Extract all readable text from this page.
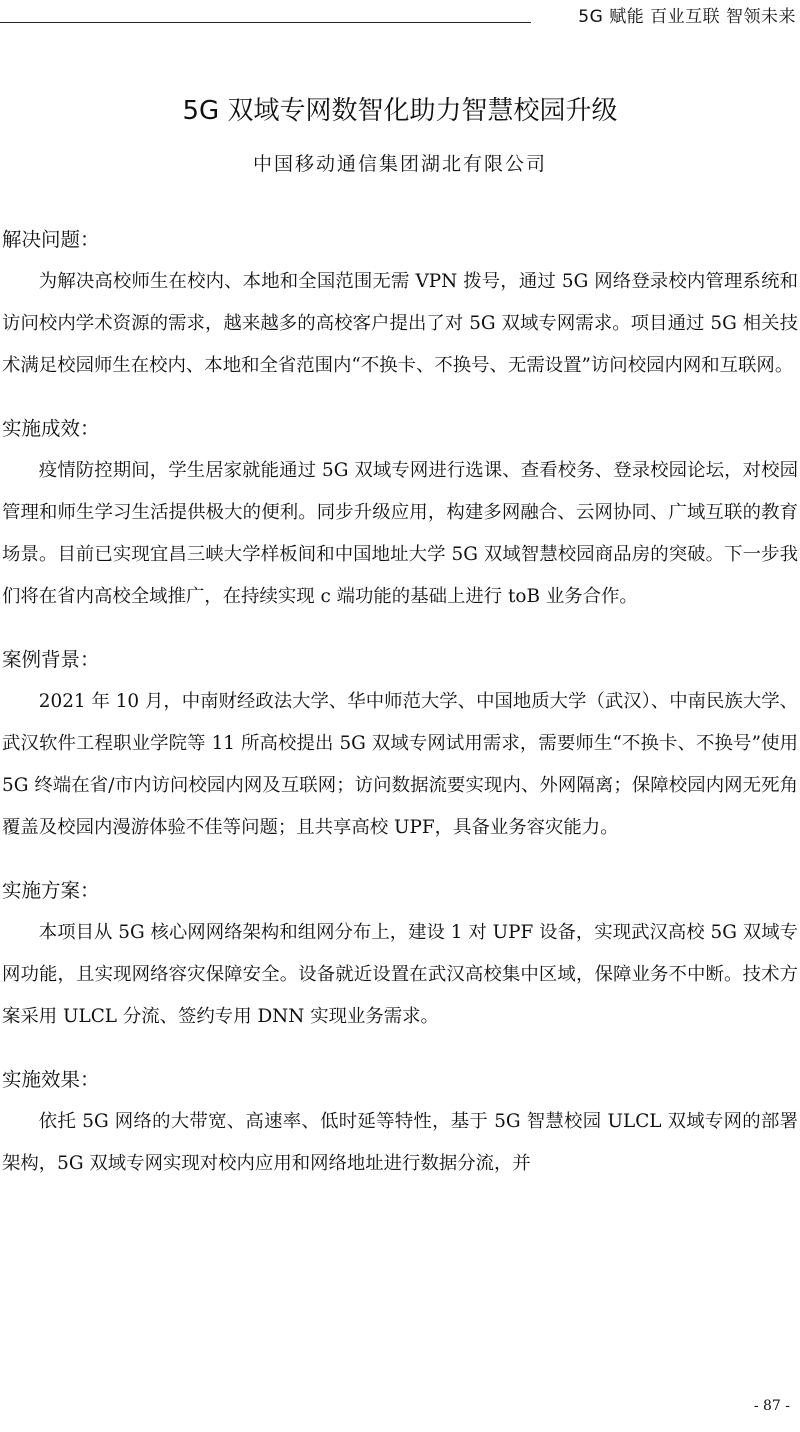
5G 赋能 百业互联 智领未来
5G 双域专网数智化助力智慧校园升级
中国移动通信集团湖北有限公司
解决问题：

为解决高校师生在校内、本地和全国范围无需 VPN 拨号，通过 5G 网络登录校内管理系统和访问校内学术资源的需求，越来越多的高校客户提出了对 5G 双域专网需求。项目通过 5G 相关技术满足校园师生在校内、本地和全省范围内“不换卡、不换号、无需设置”访问校园内网和互联网。

实施成效：

疫情防控期间，学生居家就能通过 5G 双域专网进行选课、查看校务、登录校园论坛，对校园管理和师生学习生活提供极大的便利。同步升级应用，构建多网融合、云网协同、广域互联的教育场景。目前已实现宜昌三峡大学样板间和中国地址大学 5G 双域智慧校园商品房的突破。下一步我们将在省内高校全域推广，在持续实现 c 端功能的基础上进行 toB 业务合作。

案例背景：

2021 年 10 月，中南财经政法大学、华中师范大学、中国地质大学（武汉）、中南民族大学、武汉软件工程职业学院等 11 所高校提出 5G 双域专网试用需求，需要师生“不换卡、不换号”使用 5G 终端在省/市内访问校园内网及互联网；访问数据流要实现内、外网隔离；保障校园内网无死角覆盖及校园内漫游体验不佳等问题；且共享高校 UPF，具备业务容灾能力。

实施方案：

本项目从 5G 核心网网络架构和组网分布上，建设 1 对 UPF 设备，实现武汉高校 5G 双域专网功能，且实现网络容灾保障安全。设备就近设置在武汉高校集中区域，保障业务不中断。技术方案采用 ULCL 分流、签约专用 DNN 实现业务需求。

实施效果：

依托 5G 网络的大带宽、高速率、低时延等特性，基于 5G 智慧校园 ULCL 双域专网的部署架构，5G 双域专网实现对校内应用和网络地址进行数据分流，并

- 87 -
